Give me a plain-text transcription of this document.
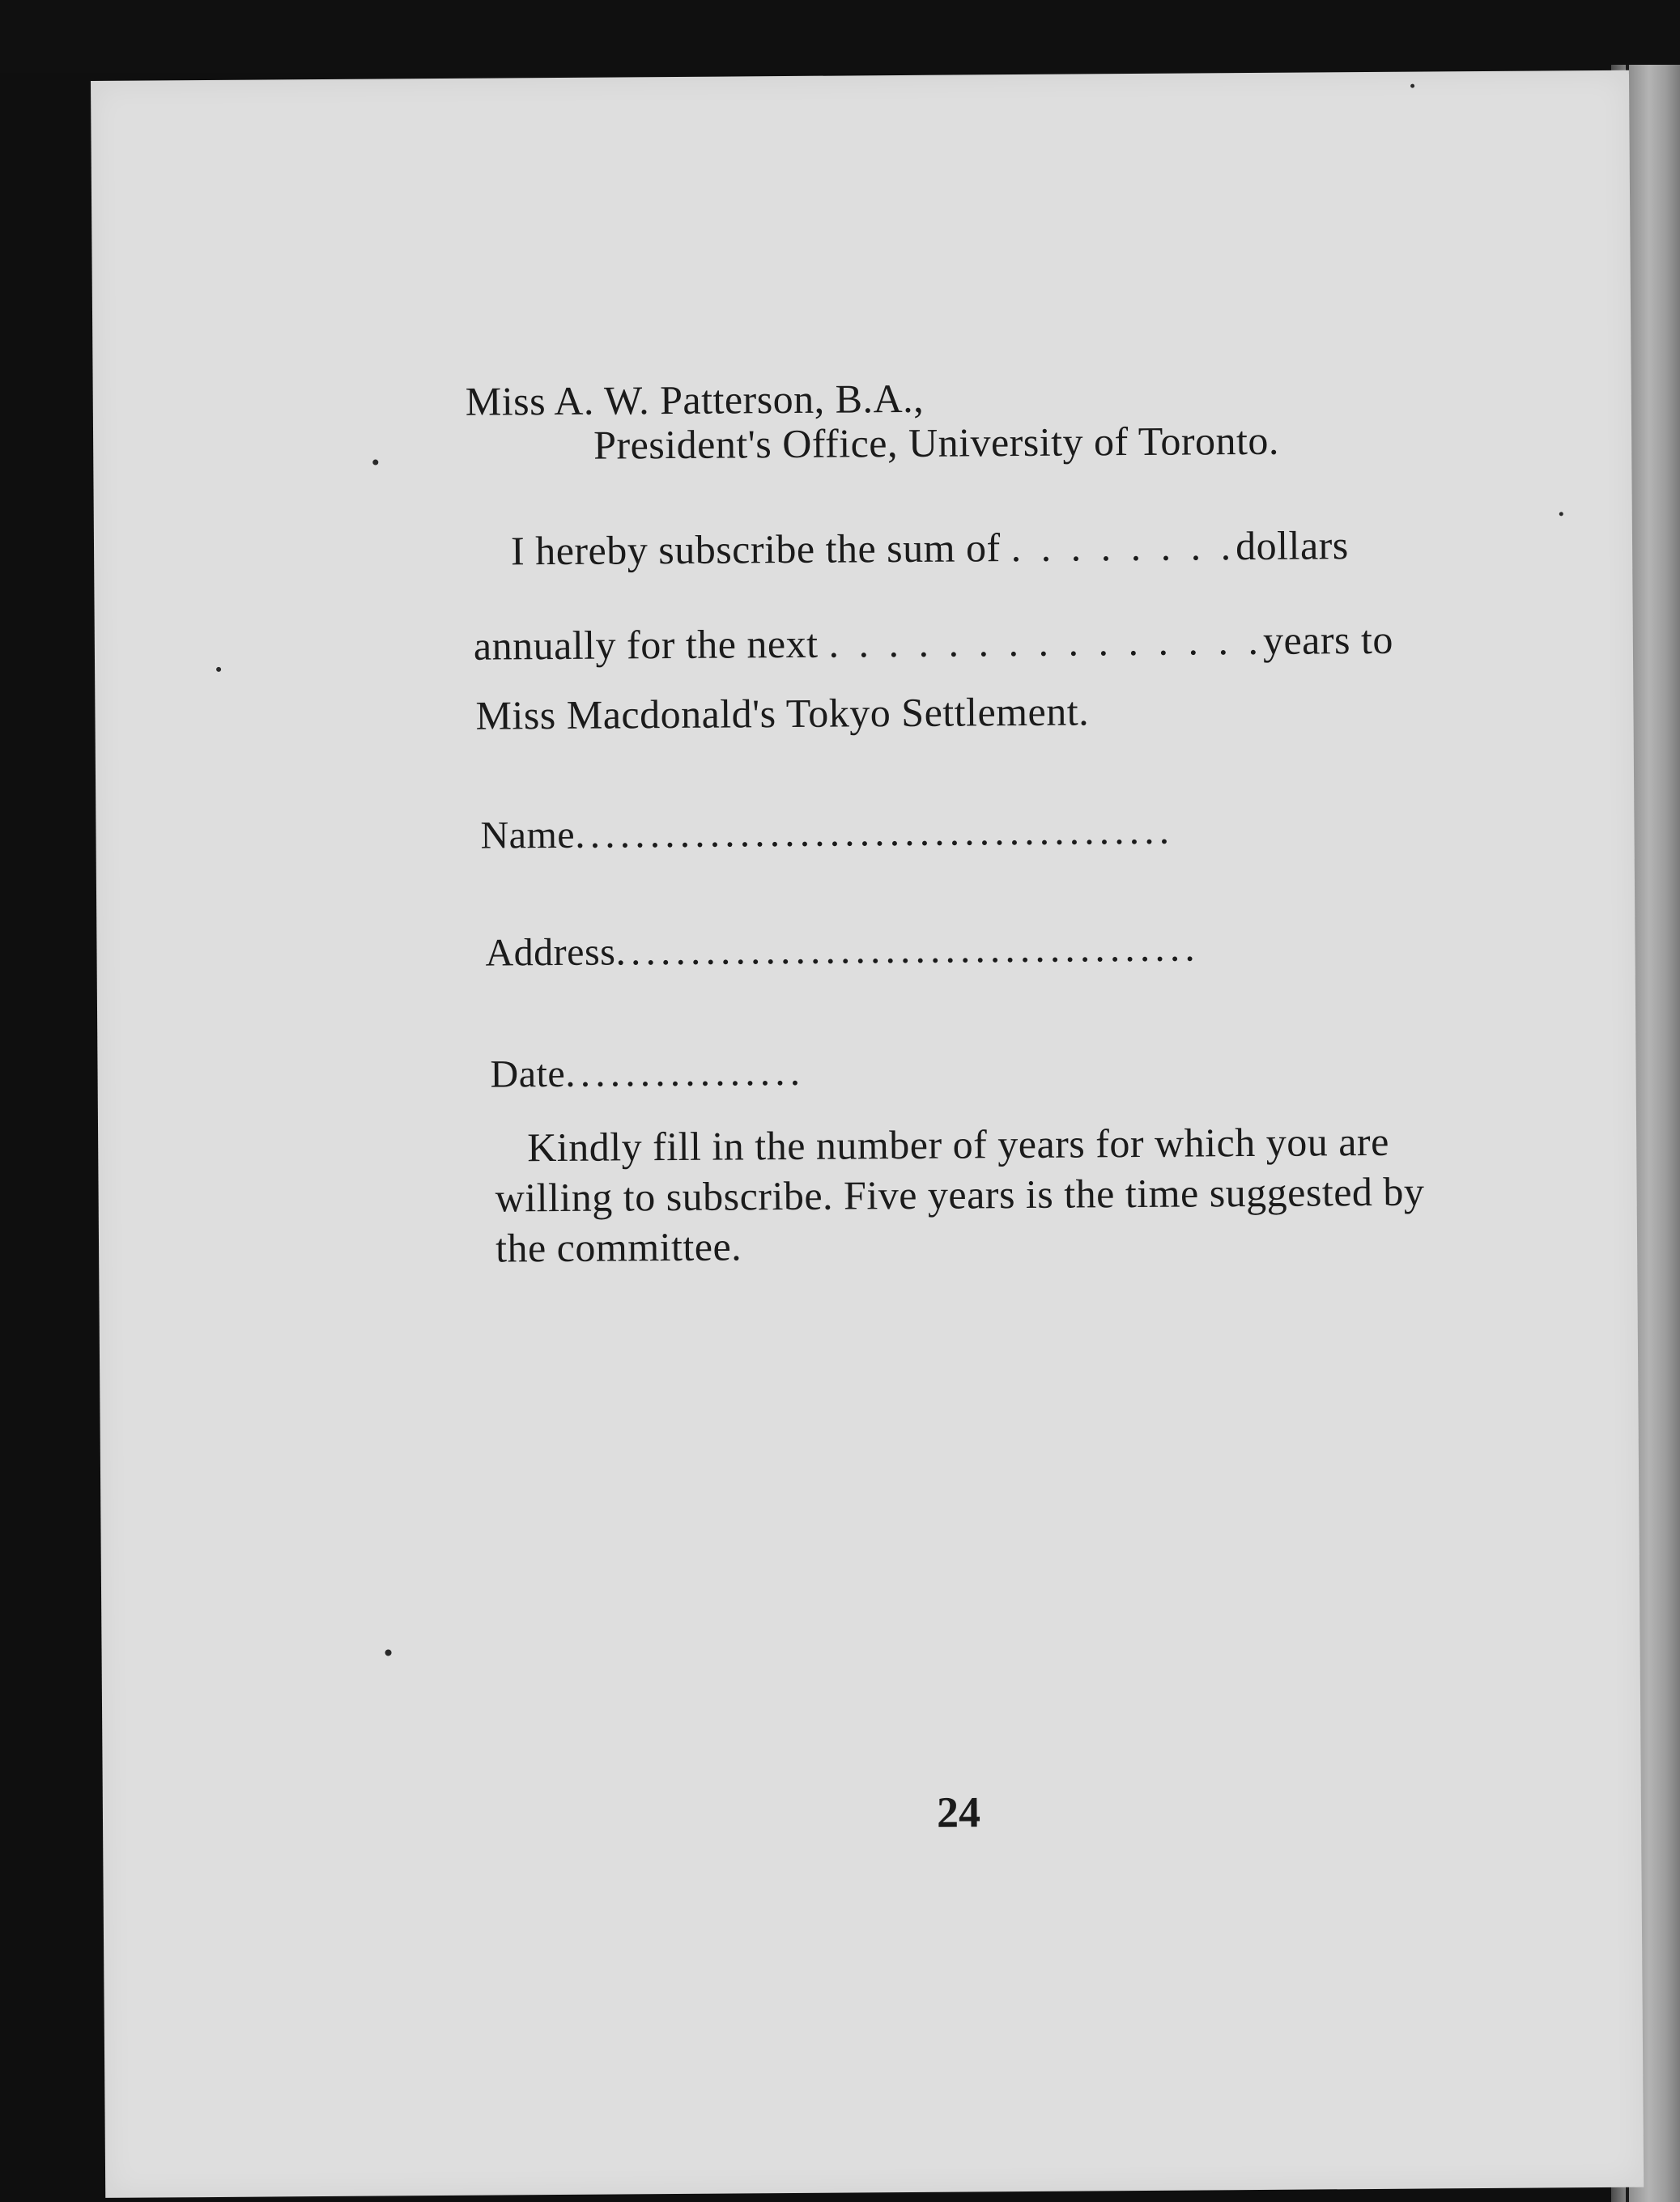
Miss A. W. Patterson, B.A.,
President's Office, University of Toronto.
I hereby subscribe the sum of . . . . . . . .dollars
annually for the next . . . . . . . . . . . . . . .years to
Miss Macdonald's Tokyo Settlement.
Name........................................
Address.......................................
Date................
Kindly fill in the number of years for which you are willing to subscribe. Five years is the time suggested by the committee.
24
